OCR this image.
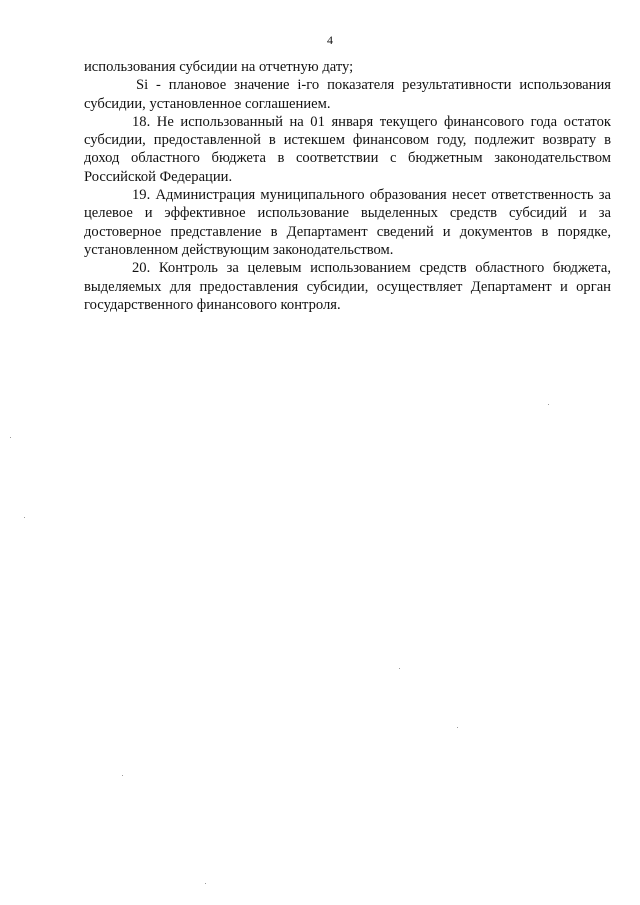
4

использования субсидии на отчетную дату;

Si - плановое значение i-го показателя результативности использования субсидии, установленное соглашением.

18. Не использованный на 01 января текущего финансового года остаток субсидии, предоставленной в истекшем финансовом году, подлежит возврату в доход областного бюджета в соответствии с бюджетным законодательством Российской Федерации.

19. Администрация муниципального образования несет ответственность за целевое и эффективное использование выделенных средств субсидий и за достоверное представление в Департамент сведений и документов в порядке, установленном действующим законодательством.

20. Контроль за целевым использованием средств областного бюджета, выделяемых для предоставления субсидии, осуществляет Департамент и орган государственного финансового контроля.
